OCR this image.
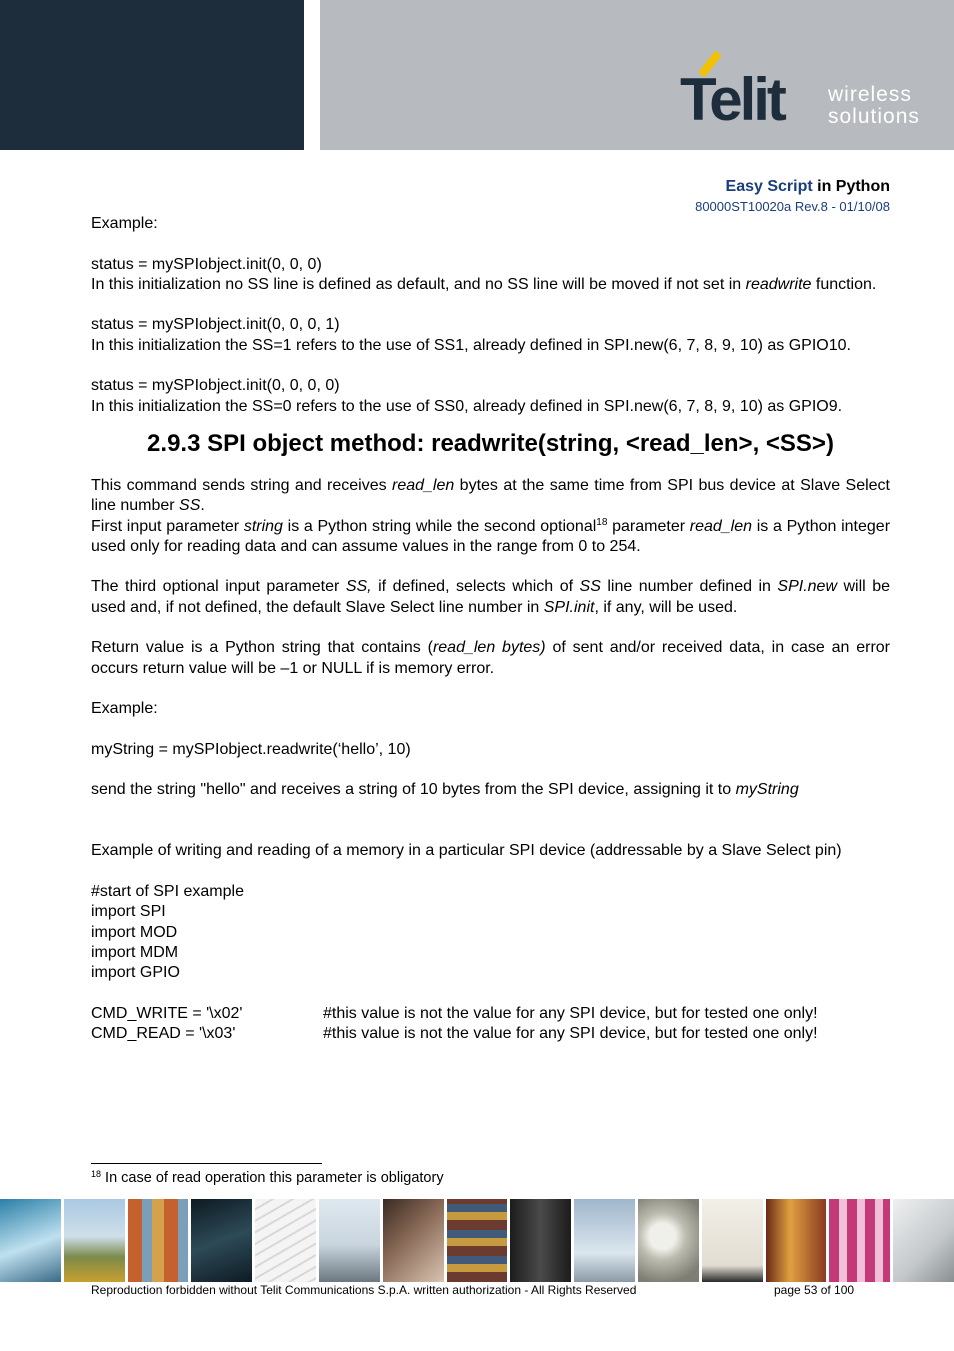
Telit wireless
solutions
Easy Script in Python
80000ST10020a Rev.8 - 01/10/08

Example:

status = mySPIobject.init(0, 0, 0)

In this initialization no SS line is defined as default, and no SS line will be moved if not set in readwrite function.

status = mySPIobject.init(0, 0, 0, 1)

In this initialization the SS=1 refers to the use of SS1, already defined in SPI.new(6, 7, 8, 9, 10) as GPIO10.

status = mySPIobject.init(0, 0, 0, 0)

In this initialization the SS=0 refers to the use of SS0, already defined in SPI.new(6, 7, 8, 9, 10) as GPIO9.

2.9.3 SPI object method: readwrite(string, <read_len>, <SS>)

This command sends string and receives read_len bytes at the same time from SPI bus device at Slave Select line number SS.

First input parameter string is a Python string while the second optional$^{18}$ parameter read_len is a Python integer used only for reading data and can assume values in the range from 0 to 254.

The third optional input parameter SS, if defined, selects which of SS line number defined in SPI.new will be used and, if not defined, the default Slave Select line number in SPI.init, if any, will be used.

Return value is a Python string that contains (read_len bytes) of sent and/or received data, in case an error occurs return value will be –1 or NULL if is memory error.

Example:

myString = mySPIobject.readwrite(‘hello’, 10)

send the string "hello" and receives a string of 10 bytes from the SPI device, assigning it to myString

Example of writing and reading of a memory in a particular SPI device (addressable by a Slave Select pin)

#start of SPI example

import SPI

import MOD

import MDM

import GPIO

CMD_WRITE = '\x02'	#this value is not the value for any SPI device, but for tested one only!
CMD_READ = '\x03'	#this value is not the value for any SPI device, but for tested one only!
$^{18}$ In case of read operation this parameter is obligatory
Reproduction forbidden without Telit Communications S.p.A. written authorization - All Rights Reserved	page 53 of 100
